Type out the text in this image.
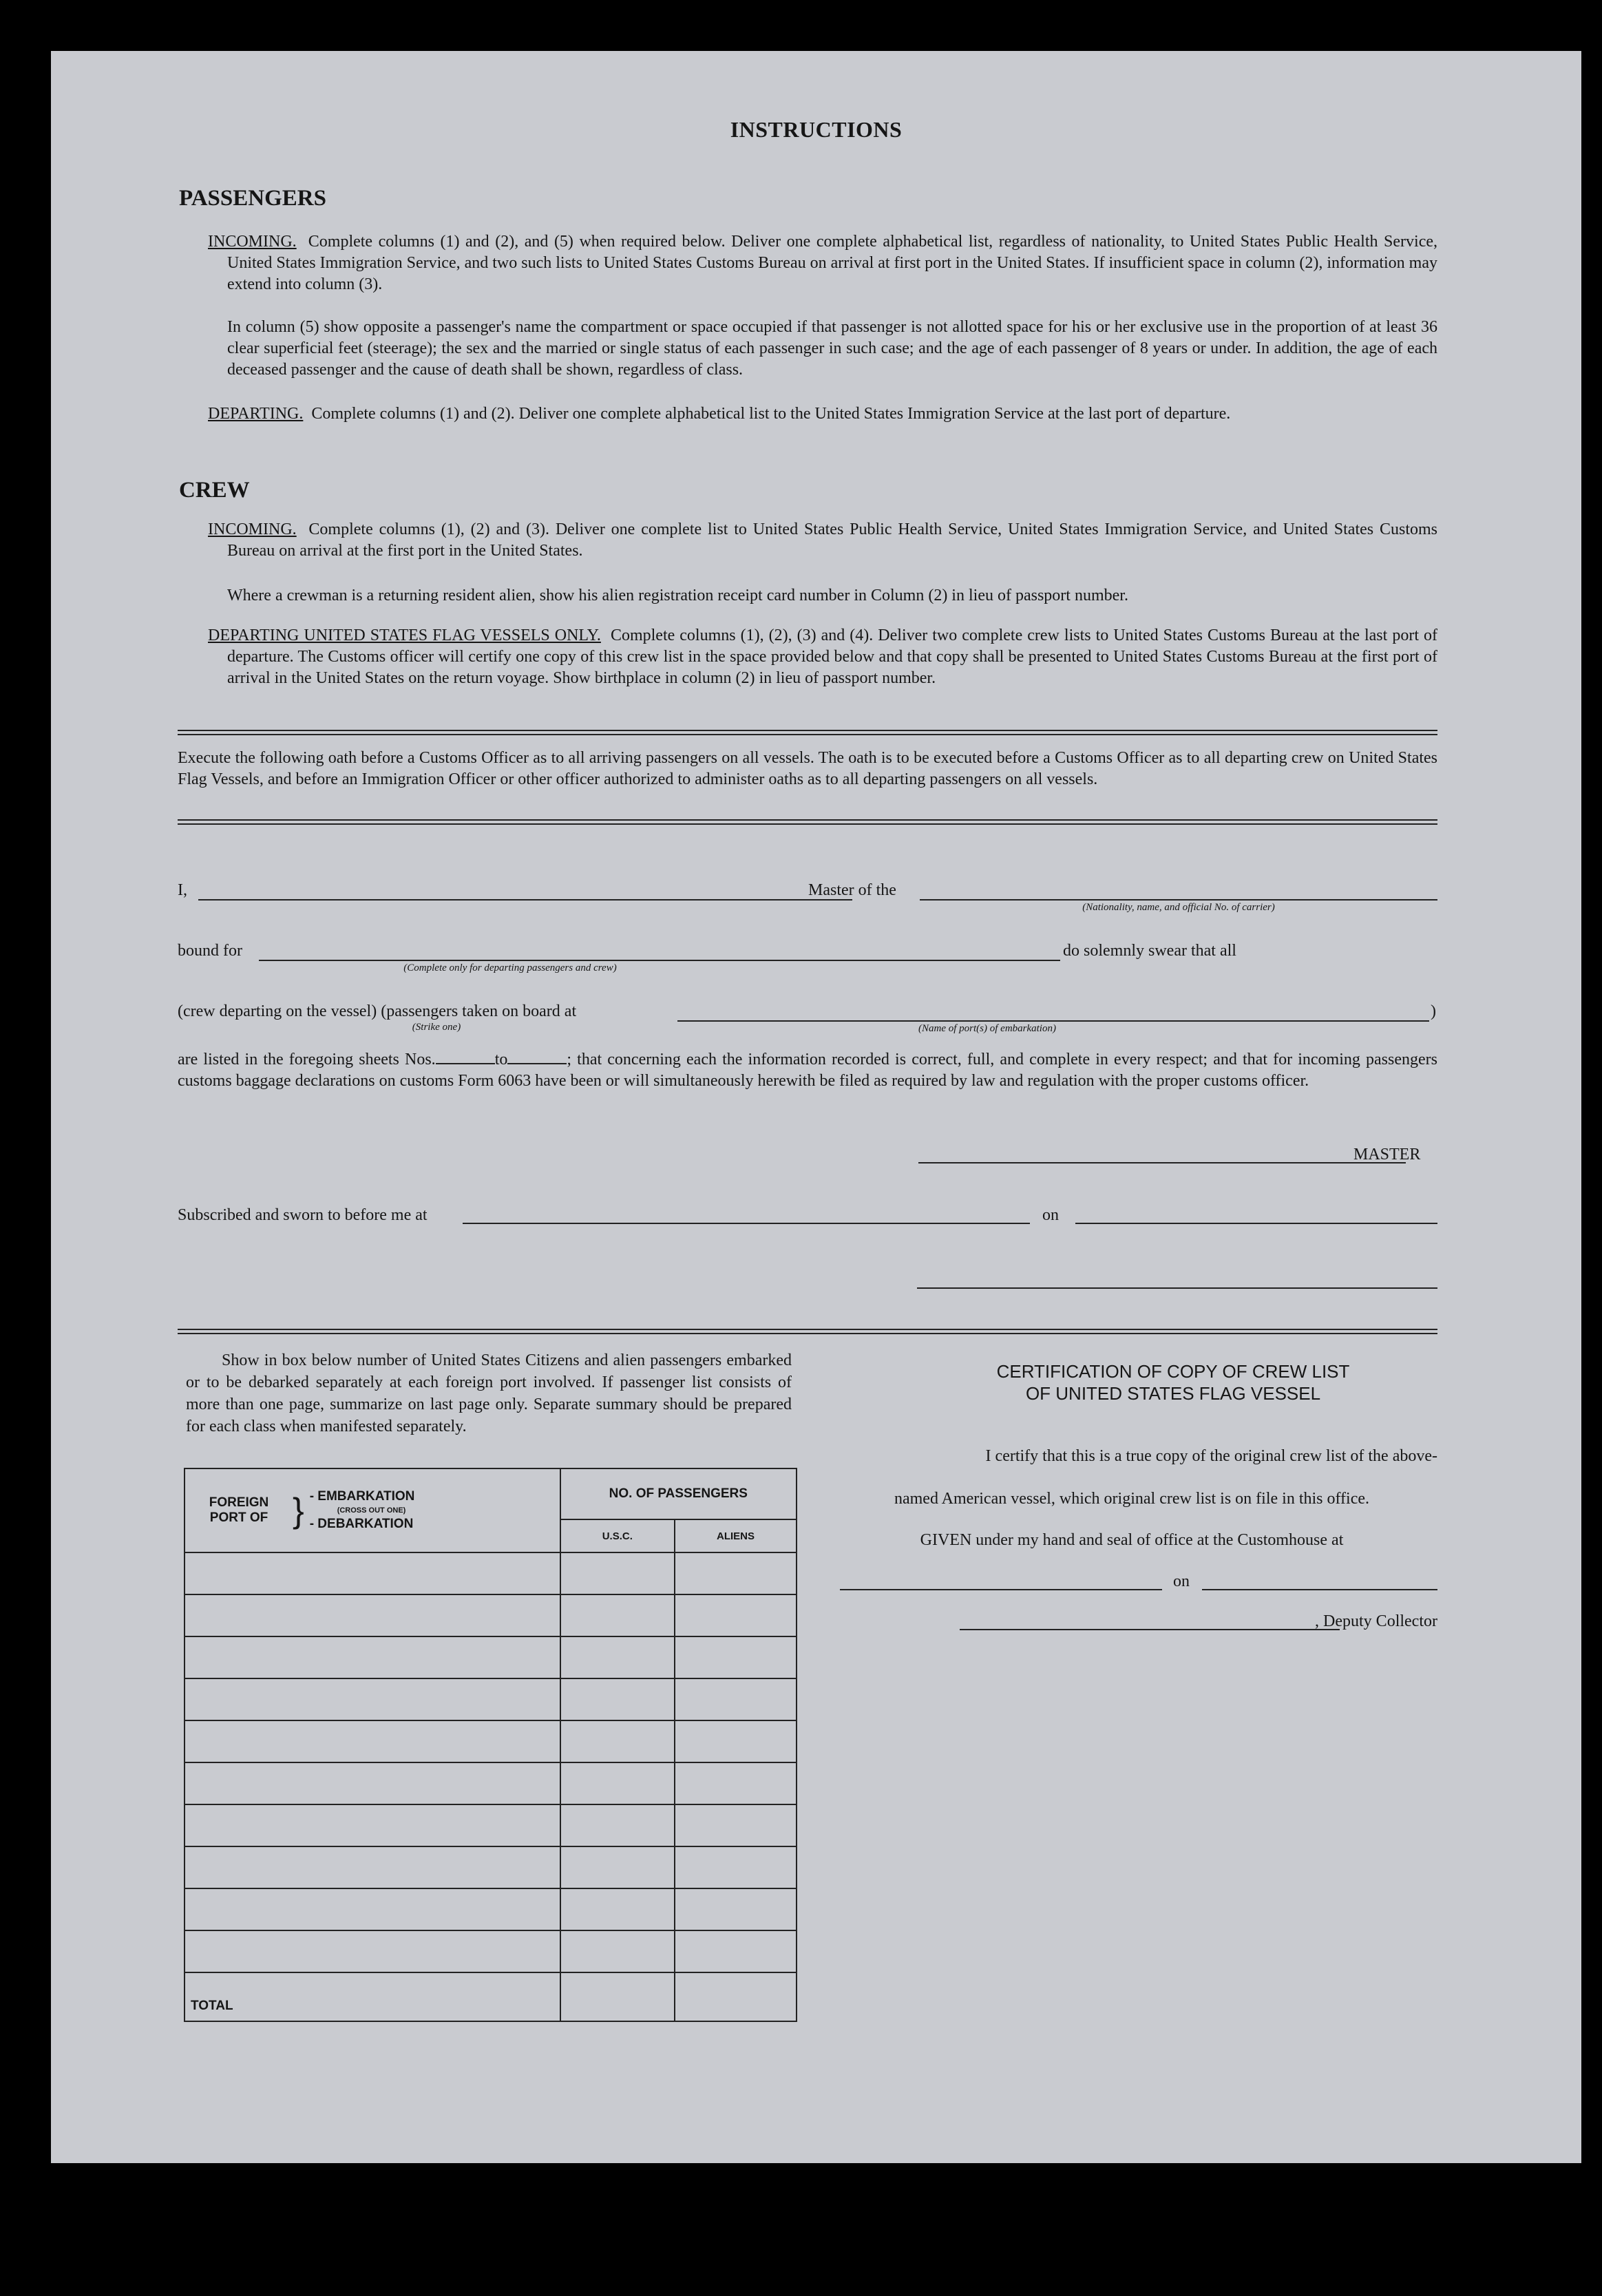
INSTRUCTIONS
PASSENGERS
INCOMING. Complete columns (1) and (2), and (5) when required below. Deliver one complete alphabetical list, regardless of nationality, to United States Public Health Service, United States Immigration Service, and two such lists to United States Customs Bureau on arrival at first port in the United States. If insufficient space in column (2), information may extend into column (3).
In column (5) show opposite a passenger's name the compartment or space occupied if that passenger is not allotted space for his or her exclusive use in the proportion of at least 36 clear superficial feet (steerage); the sex and the married or single status of each passenger in such case; and the age of each passenger of 8 years or under. In addition, the age of each deceased passenger and the cause of death shall be shown, regardless of class.
DEPARTING. Complete columns (1) and (2). Deliver one complete alphabetical list to the United States Immigration Service at the last port of departure.
CREW
INCOMING. Complete columns (1), (2) and (3). Deliver one complete list to United States Public Health Service, United States Immigration Service, and United States Customs Bureau on arrival at the first port in the United States.
Where a crewman is a returning resident alien, show his alien registration receipt card number in Column (2) in lieu of passport number.
DEPARTING UNITED STATES FLAG VESSELS ONLY. Complete columns (1), (2), (3) and (4). Deliver two complete crew lists to United States Customs Bureau at the last port of departure. The Customs officer will certify one copy of this crew list in the space provided below and that copy shall be presented to United States Customs Bureau at the first port of arrival in the United States on the return voyage. Show birthplace in column (2) in lieu of passport number.
Execute the following oath before a Customs Officer as to all arriving passengers on all vessels. The oath is to be executed before a Customs Officer as to all departing crew on United States Flag Vessels, and before an Immigration Officer or other officer authorized to administer oaths as to all departing passengers on all vessels.
I,	Master of the
(Nationality, name, and official No. of carrier)
bound for
(Complete only for departing passengers and crew)
do solemnly swear that all
(crew departing on the vessel) (passengers taken on board at
(Strike one)	(Name of port(s) of embarkation)
)
are listed in the foregoing sheets Nos.	to	; that concerning each the information recorded is correct, full, and complete in every respect; and that for incoming passengers customs baggage declarations on customs Form 6063 have been or will simultaneously herewith be filed as required by law and regulation with the proper customs officer.
MASTER
Subscribed and sworn to before me at	on
Show in box below number of United States Citizens and alien passengers embarked or to be debarked separately at each foreign port involved. If passenger list consists of more than one page, summarize on last page only. Separate summary should be prepared for each class when manifested separately.
FOREIGN PORT OF } - EMBARKATION
(CROSS OUT ONE)
- DEBARKATION	NO. OF PASSENGERS	
	U.S.C.	ALIENS

TOTAL		
CERTIFICATION OF COPY OF CREW LIST
OF UNITED STATES FLAG VESSEL
I certify that this is a true copy of the original crew list of the above-
named American vessel, which original crew list is on file in this office.
GIVEN under my hand and seal of office at the Customhouse at
on
, Deputy Collector
